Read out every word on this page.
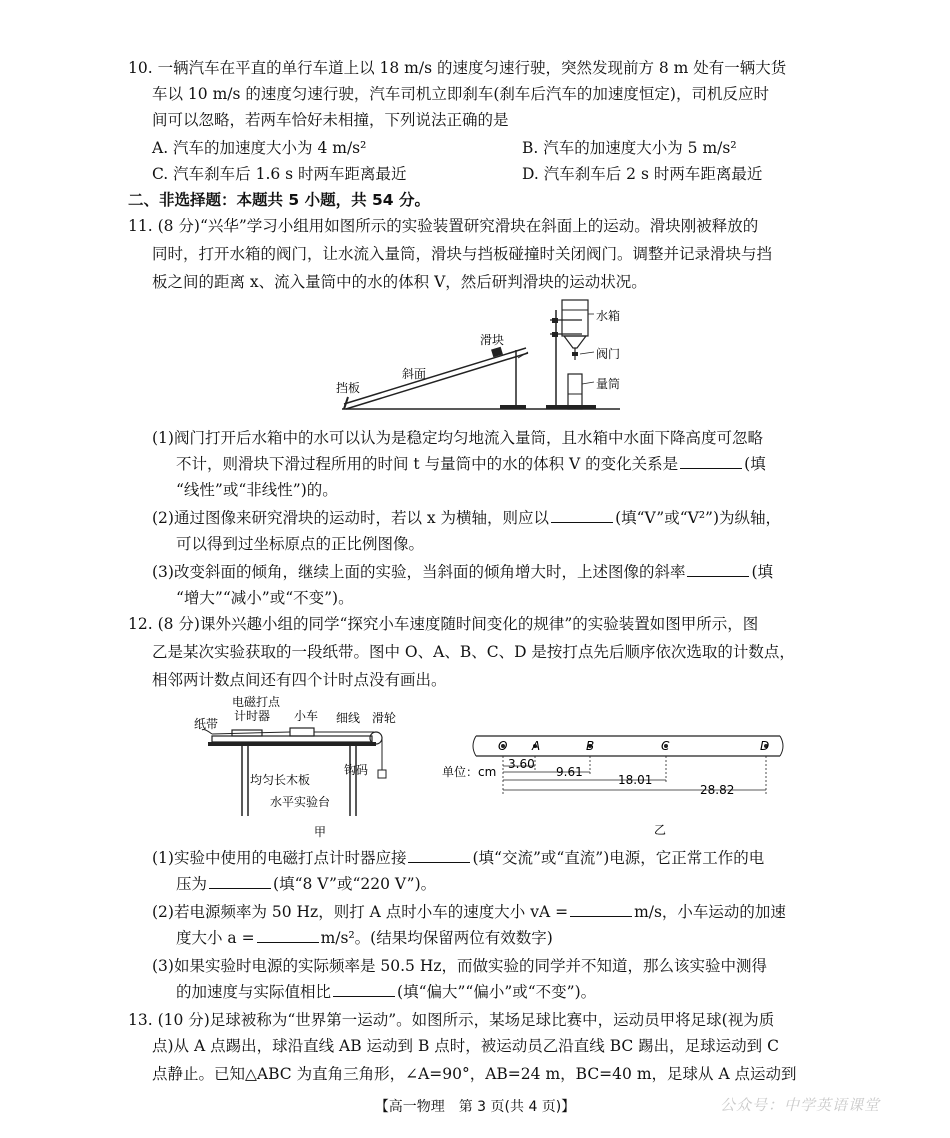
10. 一辆汽车在平直的单行车道上以 18 m/s 的速度匀速行驶，突然发现前方 8 m 处有一辆大货
车以 10 m/s 的速度匀速行驶，汽车司机立即刹车(刹车后汽车的加速度恒定)，司机反应时
间可以忽略，若两车恰好未相撞，下列说法正确的是
A. 汽车的加速度大小为 4 m/s²	B. 汽车的加速度大小为 5 m/s²
C. 汽车刹车后 1.6 s 时两车距离最近	D. 汽车刹车后 2 s 时两车距离最近
二、非选择题：本题共 5 小题，共 54 分。
11. (8 分)“兴华”学习小组用如图所示的实验装置研究滑块在斜面上的运动。滑块刚被释放的
同时，打开水箱的阀门，让水流入量筒，滑块与挡板碰撞时关闭阀门。调整并记录滑块与挡
板之间的距离 x、流入量筒中的水的体积 V，然后研判滑块的运动状况。
滑块
水箱
阀门
斜面
量筒
挡板
(1)阀门打开后水箱中的水可以认为是稳定均匀地流入量筒，且水箱中水面下降高度可忽略
不计，则滑块下滑过程所用的时间 t 与量筒中的水的体积 V 的变化关系是	(填
“线性”或“非线性”)的。
(2)通过图像来研究滑块的运动时，若以 x 为横轴，则应以	(填“V”或“V²”)为纵轴，
可以得到过坐标原点的正比例图像。
(3)改变斜面的倾角，继续上面的实验，当斜面的倾角增大时，上述图像的斜率	(填
“增大”“减小”或“不变”)。
12. (8 分)课外兴趣小组的同学“探究小车速度随时间变化的规律”的实验装置如图甲所示，图
乙是某次实验获取的一段纸带。图中 O、A、B、C、D 是按打点先后顺序依次选取的计数点，
相邻两计数点间还有四个计时点没有画出。
电磁打点
计时器
纸带
小车 细线 滑轮
均匀长木板
钩码
水平实验台
甲
O A	B	C	D
单位：cm
3.60
9.61
18.01
28.82
乙
(1)实验中使用的电磁打点计时器应接	(填“交流”或“直流”)电源，它正常工作的电
压为	(填“8 V”或“220 V”)。
(2)若电源频率为 50 Hz，则打 A 点时小车的速度大小 vA =	m/s，小车运动的加速
度大小 a =	m/s²。(结果均保留两位有效数字)
(3)如果实验时电源的实际频率是 50.5 Hz，而做实验的同学并不知道，那么该实验中测得
的加速度与实际值相比	(填“偏大”“偏小”或“不变”)。
13. (10 分)足球被称为“世界第一运动”。如图所示，某场足球比赛中，运动员甲将足球(视为质
点)从 A 点踢出，球沿直线 AB 运动到 B 点时，被运动员乙沿直线 BC 踢出，足球运动到 C
点静止。已知△ABC 为直角三角形，∠A=90°，AB=24 m，BC=40 m，足球从 A 点运动到
【高一物理　第 3 页(共 4 页)】	公众号：中学英语课堂
